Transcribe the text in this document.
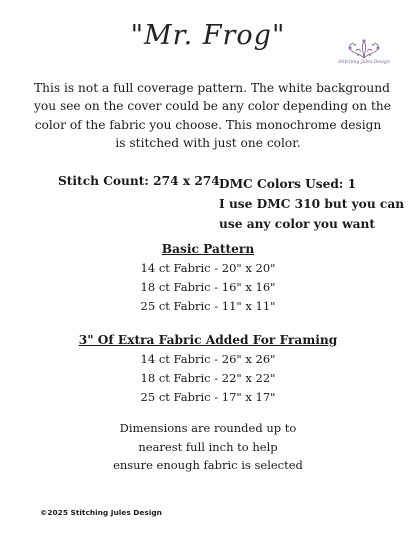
"Mr. Frog"
Stitching Jules Design
This is not a full coverage pattern. The white background
you see on the cover could be any color depending on the
color of the fabric you choose. This monochrome design
is stitched with just one color.
Stitch Count: 274 x 274 DMC Colors Used: 1
I use DMC 310 but you can
use any color you want
Basic Pattern
14 ct Fabric - 20" x 20"
18 ct Fabric - 16" x 16"
25 ct Fabric - 11" x 11"
3" Of Extra Fabric Added For Framing
14 ct Fabric - 26" x 26"
18 ct Fabric - 22" x 22"
25 ct Fabric - 17" x 17"
Dimensions are rounded up to
nearest full inch to help
ensure enough fabric is selected
©2025 Stitching Jules Design
